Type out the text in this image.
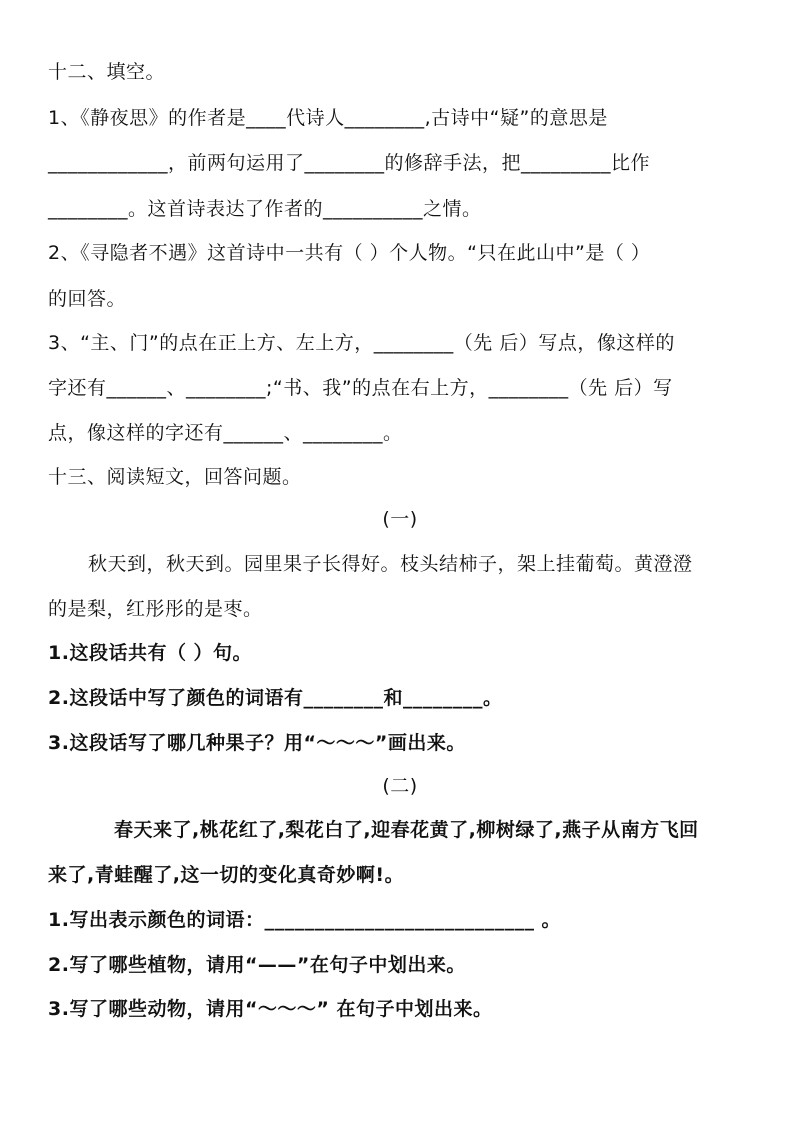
十二、填空。
1、《静夜思》的作者是____代诗人________,古诗中“疑”的意思是
____________，前两句运用了________的修辞手法，把_________比作
________。这首诗表达了作者的__________之情。
2、《寻隐者不遇》这首诗中一共有（ ）个人物。“只在此山中”是（ ）
的回答。
3、“主、门”的点在正上方、左上方，________（先 后）写点，像这样的
字还有______、________;“书、我”的点在右上方，________（先 后）写
点，像这样的字还有______、________。
十三、阅读短文，回答问题。
(一)
秋天到，秋天到。园里果子长得好。枝头结柿子，架上挂葡萄。黄澄澄
的是梨，红彤彤的是枣。
1.这段话共有（ ）句。
2.这段话中写了颜色的词语有________和________。
3.这段话写了哪几种果子？用“～～～”画出来。
(二)
春天来了,桃花红了,梨花白了,迎春花黄了,柳树绿了,燕子从南方飞回
来了,青蛙醒了,这一切的变化真奇妙啊!。
1.写出表示颜色的词语：___________________________ 。
2.写了哪些植物，请用“——”在句子中划出来。
3.写了哪些动物，请用“～～～” 在句子中划出来。
